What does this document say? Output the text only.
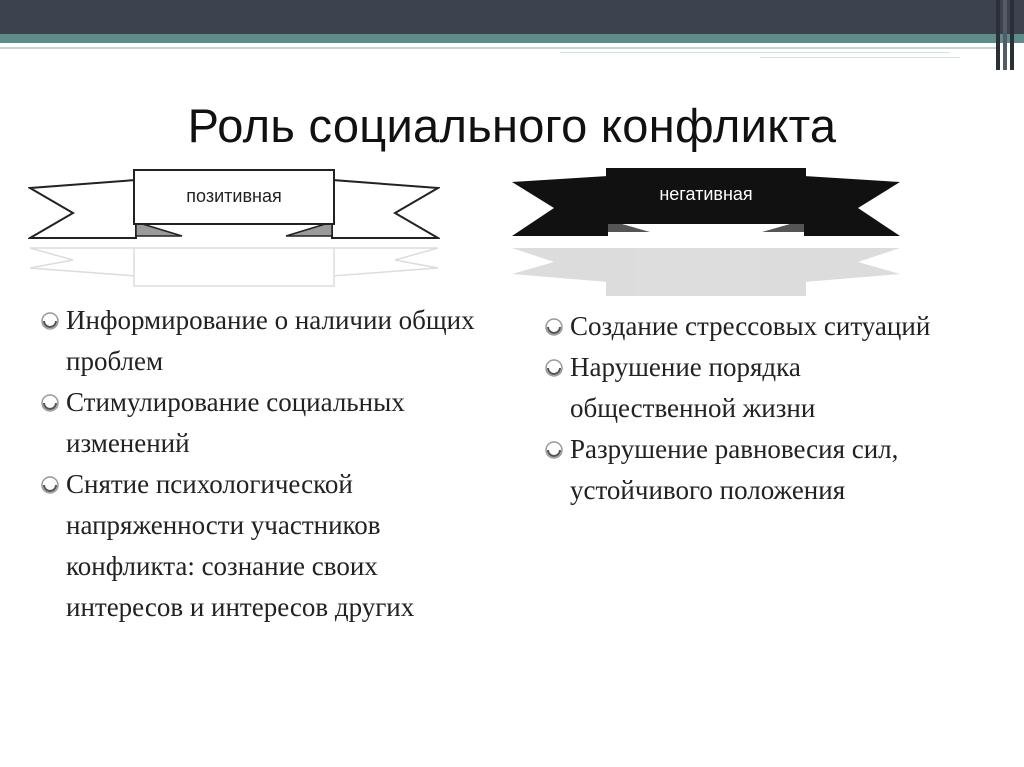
Роль социального конфликта
позитивная	негативная
Информирование о наличии общих проблем
Стимулирование социальных изменений
Снятие психологической напряженности участников конфликта: сознание своих интересов и интересов других
Создание стрессовых ситуаций
Нарушение порядка общественной жизни
Разрушение равновесия сил, устойчивого положения
